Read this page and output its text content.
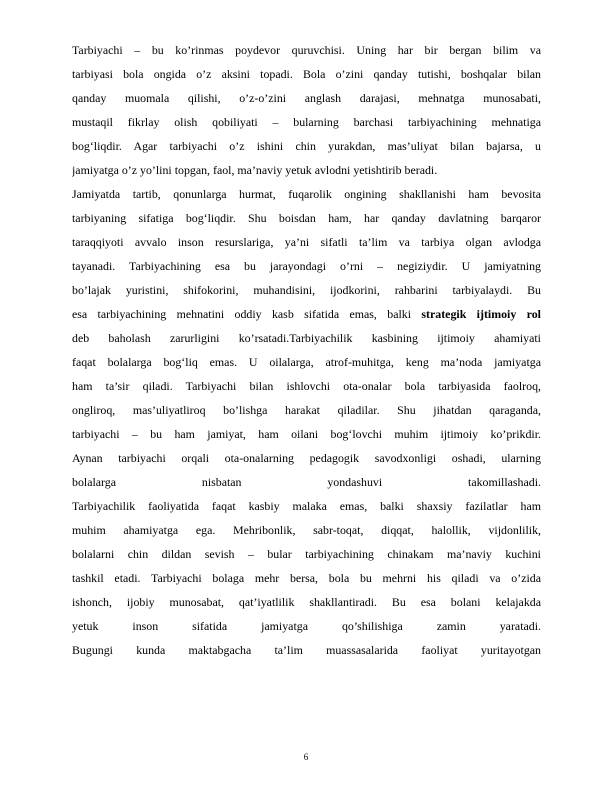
Tarbiyachi – bu ko’rinmas poydevor quruvchisi. Uning har bir bergan bilim va
tarbiyasi bola ongida o’z aksini topadi. Bola o’zini qanday tutishi, boshqalar bilan
qanday muomala qilishi, o’z-o’zini anglash darajasi, mehnatga munosabati,
mustaqil fikrlay olish qobiliyati – bularning barchasi tarbiyachining mehnatiga
bog‘liqdir. Agar tarbiyachi o’z ishini chin yurakdan, mas’uliyat bilan bajarsa, u
jamiyatga o’z yo’lini topgan, faol, ma’naviy yetuk avlodni yetishtirib beradi.

Jamiyatda tartib, qonunlarga hurmat, fuqarolik ongining shakllanishi ham bevosita
tarbiyaning sifatiga bog‘liqdir. Shu boisdan ham, har qanday davlatning barqaror
taraqqiyoti avvalo inson resurslariga, ya’ni sifatli ta’lim va tarbiya olgan avlodga
tayanadi. Tarbiyachining esa bu jarayondagi o’rni – negiziydir. U jamiyatning
bo’lajak yuristini, shifokorini, muhandisini, ijodkorini, rahbarini tarbiyalaydi. Bu
esa tarbiyachining mehnatini oddiy kasb sifatida emas, balki strategik ijtimoiy rol
deb baholash zarurligini ko’rsatadi.Tarbiyachilik kasbining ijtimoiy ahamiyati
faqat bolalarga bog‘liq emas. U oilalarga, atrof-muhitga, keng ma’noda jamiyatga
ham ta’sir qiladi. Tarbiyachi bilan ishlovchi ota-onalar bola tarbiyasida faolroq,
ongliroq, mas’uliyatliroq bo’lishga harakat qiladilar. Shu jihatdan qaraganda,
tarbiyachi – bu ham jamiyat, ham oilani bog‘lovchi muhim ijtimoiy ko’prikdir.
Aynan tarbiyachi orqali ota-onalarning pedagogik savodxonligi oshadi, ularning
bolalarga nisbatan yondashuvi takomillashadi.
Tarbiyachilik faoliyatida faqat kasbiy malaka emas, balki shaxsiy fazilatlar ham
muhim ahamiyatga ega. Mehribonlik, sabr-toqat, diqqat, halollik, vijdonlilik,
bolalarni chin dildan sevish – bular tarbiyachining chinakam ma’naviy kuchini
tashkil etadi. Tarbiyachi bolaga mehr bersa, bola bu mehrni his qiladi va o’zida
ishonch, ijobiy munosabat, qat’iyatlilik shakllantiradi. Bu esa bolani kelajakda
yetuk inson sifatida jamiyatga qo’shilishiga zamin yaratadi.
Bugungi kunda maktabgacha ta’lim muassasalarida faoliyat yuritayotgan

6
